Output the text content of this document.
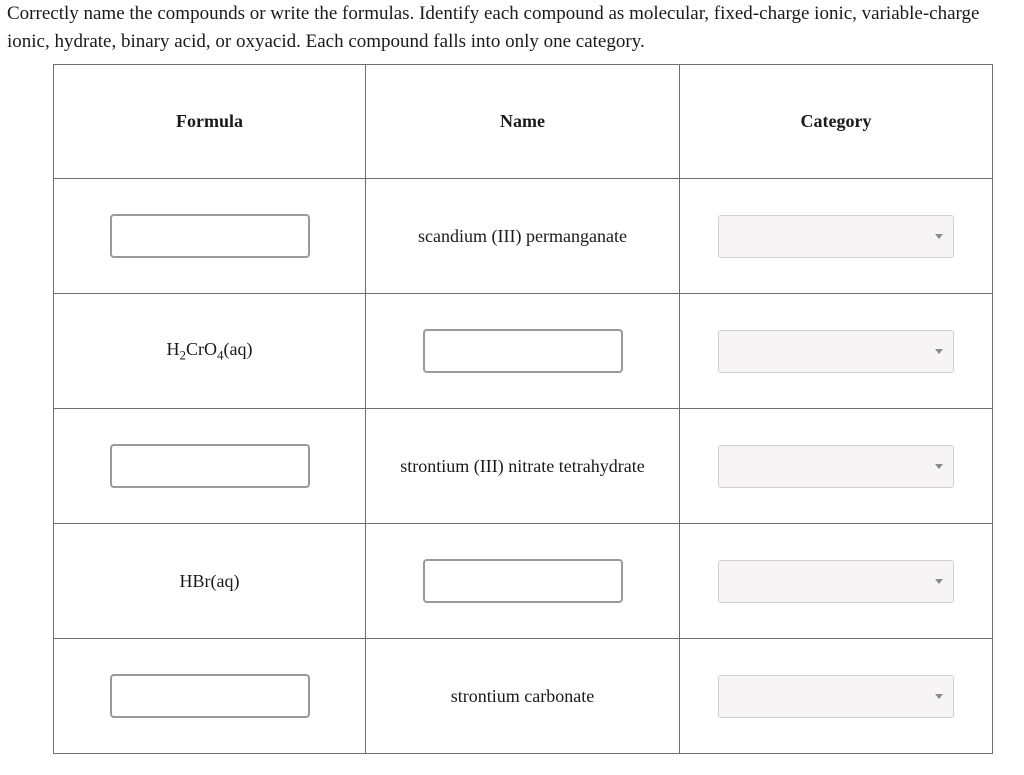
Correctly name the compounds or write the formulas. Identify each compound as molecular, fixed-charge ionic, variable-charge ionic, hydrate, binary acid, or oxyacid. Each compound falls into only one category.
Formula	Name	Category
	scandium (III) permanganate	

$H_2CrO_4(aq)$		

	strontium (III) nitrate tetrahydrate	

HBr(aq)		

	strontium carbonate	
